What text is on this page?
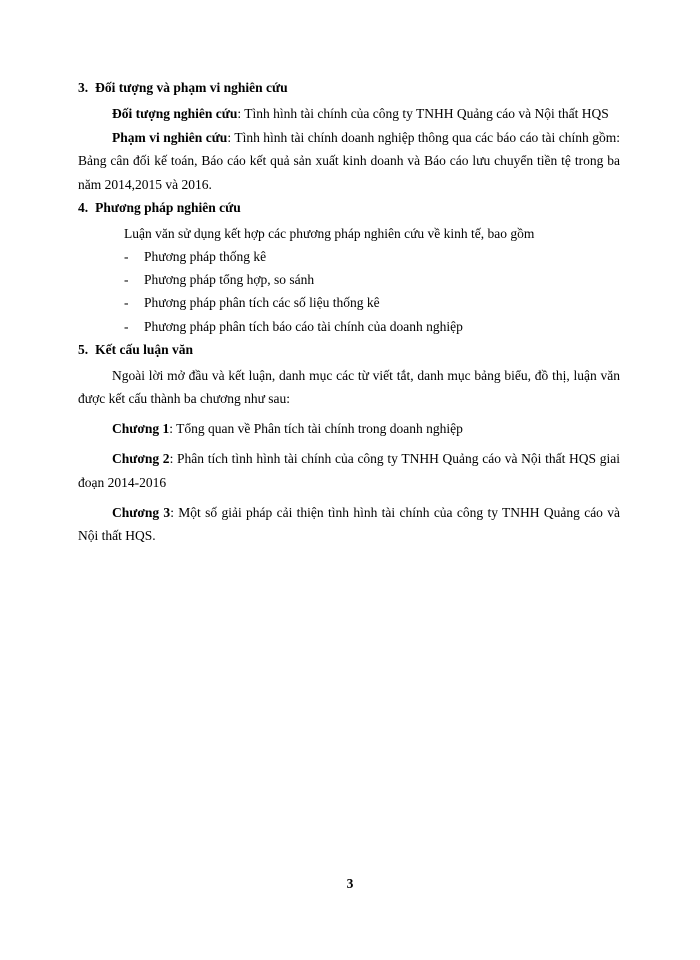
3. Đối tượng và phạm vi nghiên cứu

Đối tượng nghiên cứu: Tình hình tài chính của công ty TNHH Quảng cáo và Nội thất HQS

Phạm vi nghiên cứu: Tình hình tài chính doanh nghiệp thông qua các báo cáo tài chính gồm: Bảng cân đối kế toán, Báo cáo kết quả sản xuất kinh doanh và Báo cáo lưu chuyển tiền tệ trong ba năm 2014,2015 và 2016.

4. Phương pháp nghiên cứu

Luận văn sử dụng kết hợp các phương pháp nghiên cứu về kinh tế, bao gồm

- Phương pháp thống kê
- Phương pháp tổng hợp, so sánh
- Phương pháp phân tích các số liệu thống kê
- Phương pháp phân tích báo cáo tài chính của doanh nghiệp
5. Kết cấu luận văn

Ngoài lời mở đầu và kết luận, danh mục các từ viết tắt, danh mục bảng biểu, đồ thị, luận văn được kết cấu thành ba chương như sau:

Chương 1: Tổng quan về Phân tích tài chính trong doanh nghiệp

Chương 2: Phân tích tình hình tài chính của công ty TNHH Quảng cáo và Nội thất HQS giai đoạn 2014-2016

Chương 3: Một số giải pháp cải thiện tình hình tài chính của công ty TNHH Quảng cáo và Nội thất HQS.

3
